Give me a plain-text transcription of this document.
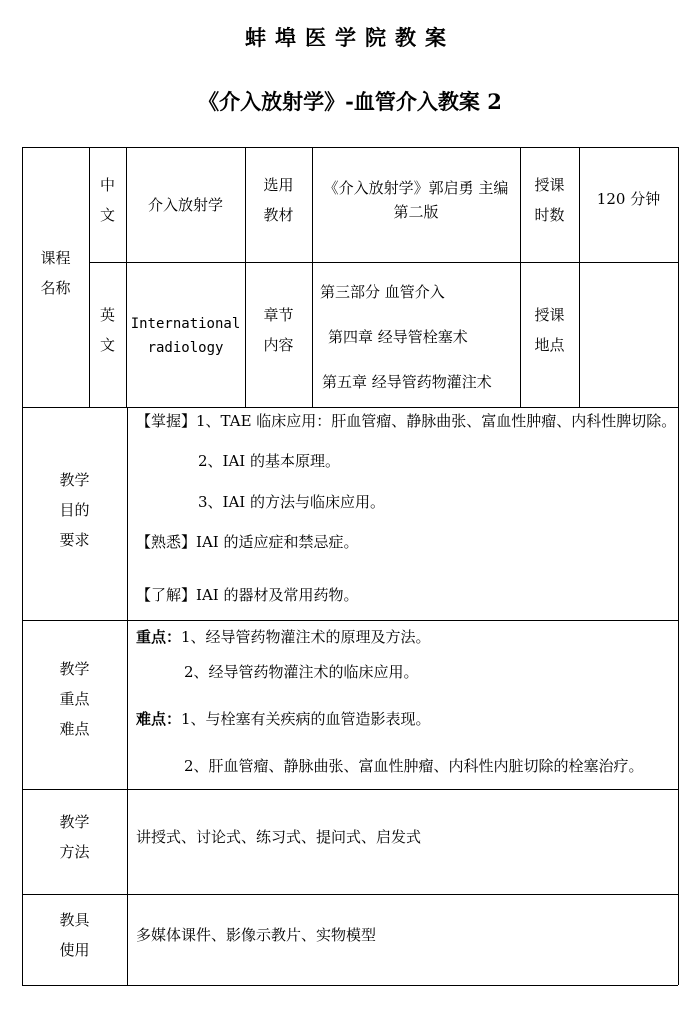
蚌埠医学院教案
《介入放射学》-血管介入教案 2
课程
名称
中
文
介入放射学
选用
教材
《介入放射学》郭启勇 主编
第二版
授课
时数
120 分钟
英
文
International
radiology
章节
内容
第三部分 血管介入
第四章 经导管栓塞术
第五章 经导管药物灌注术
授课
地点
教学
目的
要求
【掌握】1、TAE 临床应用：肝血管瘤、静脉曲张、富血性肿瘤、内科性脾切除。
2、IAI 的基本原理。
3、IAI 的方法与临床应用。
【熟悉】IAI 的适应症和禁忌症。
【了解】IAI 的器材及常用药物。
教学
重点
难点
重点：1、经导管药物灌注术的原理及方法。
2、经导管药物灌注术的临床应用。
难点：1、与栓塞有关疾病的血管造影表现。
2、肝血管瘤、静脉曲张、富血性肿瘤、内科性内脏切除的栓塞治疗。
教学
方法
讲授式、讨论式、练习式、提问式、启发式
教具
使用
多媒体课件、影像示教片、实物模型
